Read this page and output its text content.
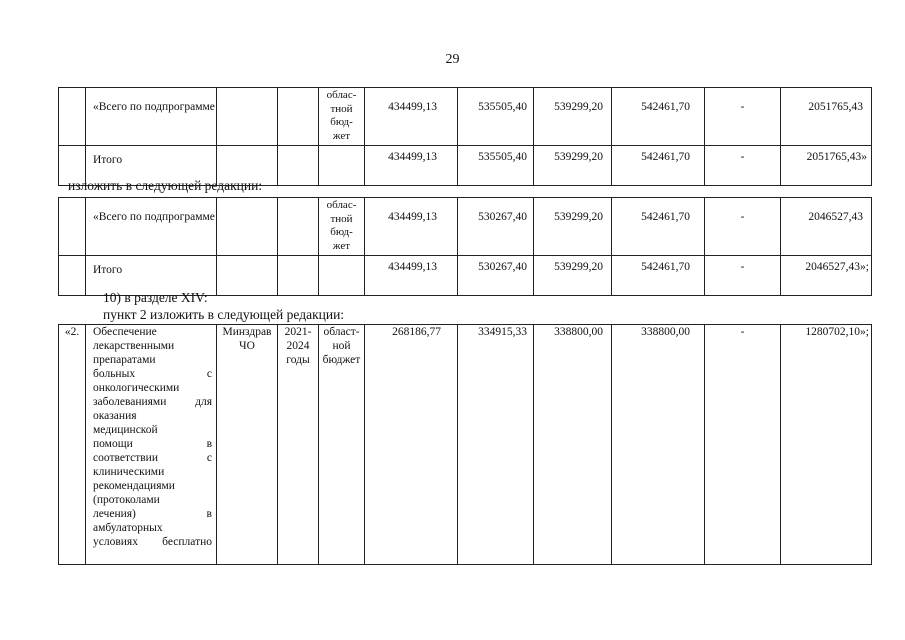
29
	«Всего по подпрограмме			облас-
тной
бюд-
жет	434499,13	535505,40	539299,20	542461,70	-	2051765,43
	Итого				434499,13	535505,40	539299,20	542461,70	-	2051765,43»
изложить в следующей редакции:
	«Всего по подпрограмме			облас-
тной
бюд-
жет	434499,13	530267,40	539299,20	542461,70	-	2046527,43
	Итого				434499,13	530267,40	539299,20	542461,70	-	2046527,43»;
10) в разделе XIV:
пункт 2 изложить в следующей редакции:
«2.	Обеспечение
лекарственными
препаратами
больных с
онкологическими
заболеваниями для
оказания
медицинской
помощи в
соответствии с
клиническими
рекомендациями
(протоколами
лечения) в
амбулаторных
условиях бесплатно
	Минздрав
ЧО	2021-
2024
годы	област-
ной
бюджет	268186,77	334915,33	338800,00	338800,00	-	1280702,10»;
